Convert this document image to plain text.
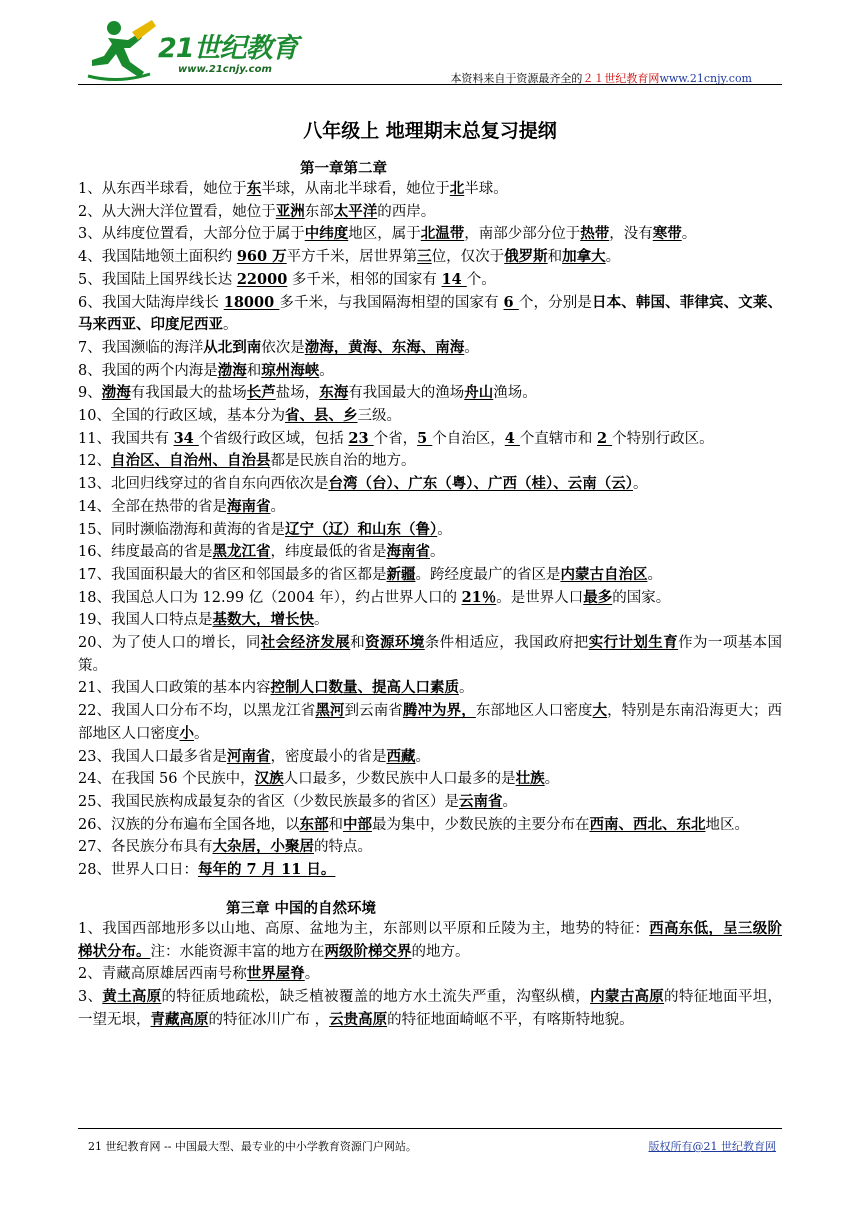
21世纪教育
www.21cnjy.com
本资料来自于资源最齐全的２１世纪教育网www.21cnjy.com
八年级上 地理期末总复习提纲
第一章第二章
1、从东西半球看，她位于东半球，从南北半球看，她位于北半球。
2、从大洲大洋位置看，她位于亚洲东部太平洋的西岸。
3、从纬度位置看，大部分位于属于中纬度地区，属于北温带，南部少部分位于热带，没有寒带。
4、我国陆地领土面积约 960 万平方千米，居世界第三位，仅次于俄罗斯和加拿大。
5、我国陆上国界线长达 22000 多千米，相邻的国家有 14 个。
6、我国大陆海岸线长 18000 多千米，与我国隔海相望的国家有 6 个，分别是日本、韩国、菲律宾、文莱、马来西亚、印度尼西亚。
7、我国濒临的海洋从北到南依次是渤海，黄海、东海、南海。
8、我国的两个内海是渤海和琼州海峡。
9、渤海有我国最大的盐场长芦盐场，东海有我国最大的渔场舟山渔场。
10、全国的行政区域，基本分为省、县、乡三级。
11、我国共有 34 个省级行政区域，包括 23 个省，5 个自治区，4 个直辖市和 2 个特别行政区。
12、自治区、自治州、自治县都是民族自治的地方。
13、北回归线穿过的省自东向西依次是台湾（台）、广东（粤）、广西（桂）、云南（云）。
14、全部在热带的省是海南省。
15、同时濒临渤海和黄海的省是辽宁（辽）和山东（鲁）。
16、纬度最高的省是黑龙江省，纬度最低的省是海南省。
17、我国面积最大的省区和邻国最多的省区都是新疆。跨经度最广的省区是内蒙古自治区。
18、我国总人口为 12.99 亿（2004 年），约占世界人口的 21％。是世界人口最多的国家。
19、我国人口特点是基数大，增长快。
20、为了使人口的增长，同社会经济发展和资源环境条件相适应，我国政府把实行计划生育作为一项基本国策。
21、我国人口政策的基本内容控制人口数量、提高人口素质。
22、我国人口分布不均，以黑龙江省黑河到云南省腾冲为界，东部地区人口密度大，特别是东南沿海更大；西部地区人口密度小。
23、我国人口最多省是河南省，密度最小的省是西藏。
24、在我国 56 个民族中，汉族人口最多，少数民族中人口最多的是壮族。
25、我国民族构成最复杂的省区（少数民族最多的省区）是云南省。
26、汉族的分布遍布全国各地，以东部和中部最为集中，少数民族的主要分布在西南、西北、东北地区。
27、各民族分布具有大杂居，小聚居的特点。
28、世界人口日：每年的 7 月 11 日。
第三章 中国的自然环境
1、我国西部地形多以山地、高原、盆地为主，东部则以平原和丘陵为主，地势的特征：西高东低，呈三级阶梯状分布。注：水能资源丰富的地方在两级阶梯交界的地方。
2、青藏高原雄居西南号称世界屋脊。
3、黄土高原的特征质地疏松，缺乏植被覆盖的地方水土流失严重，沟壑纵横，内蒙古高原的特征地面平坦，一望无垠，青藏高原的特征冰川广布 ，云贵高原的特征地面崎岖不平，有喀斯特地貌。
21 世纪教育网 -- 中国最大型、最专业的中小学教育资源门户网站。	版权所有@21 世纪教育网
